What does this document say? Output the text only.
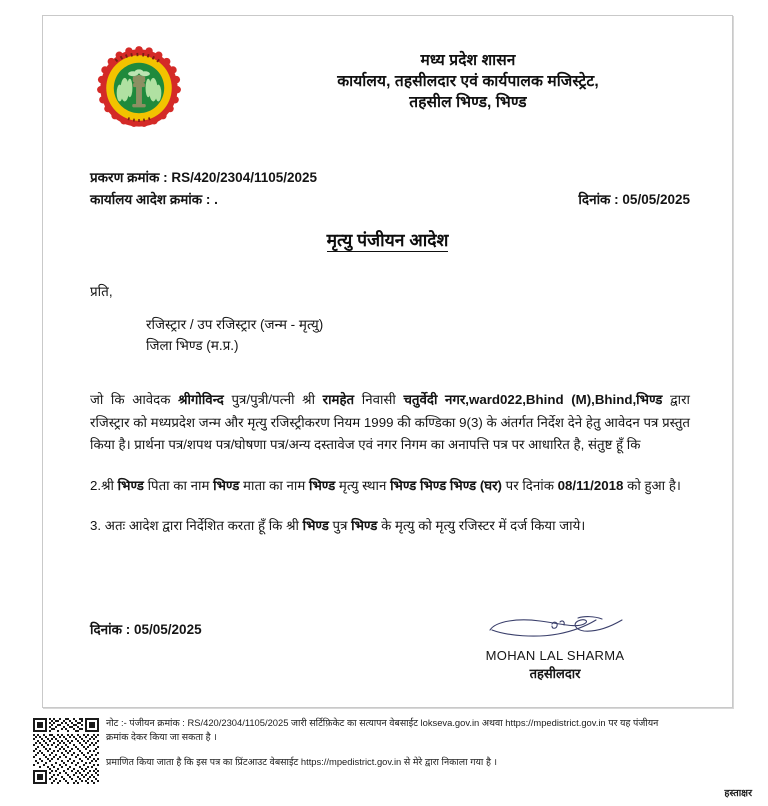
मध्य प्रदेश शासन
कार्यालय, तहसीलदार एवं कार्यपालक मजिस्ट्रेट,
तहसील भिण्ड, भिण्ड
प्रकरण क्रमांक : RS/420/2304/1105/2025
कार्यालय आदेश क्रमांक : .	दिनांक : 05/05/2025
मृत्यु पंजीयन आदेश
प्रति,
रजिस्ट्रार / उप रजिस्ट्रार (जन्म - मृत्यु)
जिला भिण्ड (म.प्र.)

जो कि आवेदक श्रीगोविन्द पुत्र/पुत्री/पत्नी श्री रामहेत निवासी चतुर्वेदी नगर,ward022,Bhind (M),Bhind,भिण्ड द्वारा रजिस्ट्रार को मध्यप्रदेश जन्म और मृत्यु रजिस्ट्रीकरण नियम 1999 की कण्डिका 9(3) के अंतर्गत निर्देश देने हेतु आवेदन पत्र प्रस्तुत किया है। प्रार्थना पत्र/शपथ पत्र/घोषणा पत्र/अन्य दस्तावेज एवं नगर निगम का अनापत्ति पत्र पर आधारित है, संतुष्ट हूँ कि

2.श्री भिण्ड पिता का नाम भिण्ड माता का नाम भिण्ड मृत्यु स्थान भिण्ड भिण्ड भिण्ड (घर) पर दिनांक 08/11/2018 को हुआ है।

3. अतः आदेश द्वारा निर्देशित करता हूँ कि श्री भिण्ड पुत्र भिण्ड के मृत्यु को मृत्यु रजिस्टर में दर्ज किया जाये।

दिनांक : 05/05/2025
MOHAN LAL SHARMA
तहसीलदार
नोट :- पंजीयन क्रमांक : RS/420/2304/1105/2025 जारी सर्टिफ़िकेट का सत्यापन वेबसाईट lokseva.gov.in अथवा https://mpedistrict.gov.in पर यह पंजीयन क्रमांक देकर किया जा सकता है ।
प्रमाणित किया जाता है कि इस पत्र का प्रिंटआउट वेबसाईट https://mpedistrict.gov.in से मेरे द्वारा निकाला गया है ।
हस्ताक्षर
